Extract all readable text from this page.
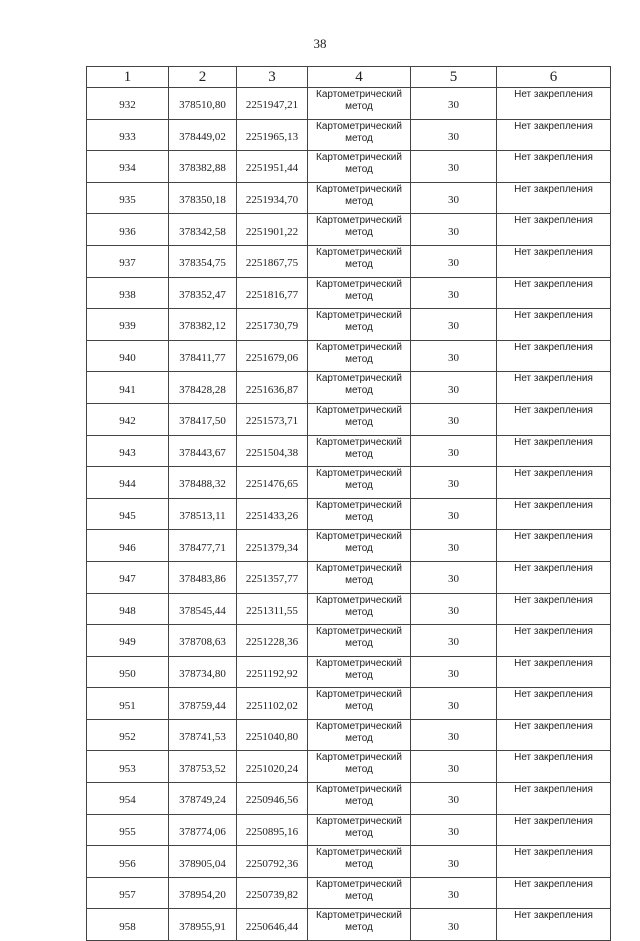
38
1	2	3	4	5	6
932	378510,80	2251947,21	Картометрический метод	30	Нет закрепления
933	378449,02	2251965,13	Картометрический метод	30	Нет закрепления
934	378382,88	2251951,44	Картометрический метод	30	Нет закрепления
935	378350,18	2251934,70	Картометрический метод	30	Нет закрепления
936	378342,58	2251901,22	Картометрический метод	30	Нет закрепления
937	378354,75	2251867,75	Картометрический метод	30	Нет закрепления
938	378352,47	2251816,77	Картометрический метод	30	Нет закрепления
939	378382,12	2251730,79	Картометрический метод	30	Нет закрепления
940	378411,77	2251679,06	Картометрический метод	30	Нет закрепления
941	378428,28	2251636,87	Картометрический метод	30	Нет закрепления
942	378417,50	2251573,71	Картометрический метод	30	Нет закрепления
943	378443,67	2251504,38	Картометрический метод	30	Нет закрепления
944	378488,32	2251476,65	Картометрический метод	30	Нет закрепления
945	378513,11	2251433,26	Картометрический метод	30	Нет закрепления
946	378477,71	2251379,34	Картометрический метод	30	Нет закрепления
947	378483,86	2251357,77	Картометрический метод	30	Нет закрепления
948	378545,44	2251311,55	Картометрический метод	30	Нет закрепления
949	378708,63	2251228,36	Картометрический метод	30	Нет закрепления
950	378734,80	2251192,92	Картометрический метод	30	Нет закрепления
951	378759,44	2251102,02	Картометрический метод	30	Нет закрепления
952	378741,53	2251040,80	Картометрический метод	30	Нет закрепления
953	378753,52	2251020,24	Картометрический метод	30	Нет закрепления
954	378749,24	2250946,56	Картометрический метод	30	Нет закрепления
955	378774,06	2250895,16	Картометрический метод	30	Нет закрепления
956	378905,04	2250792,36	Картометрический метод	30	Нет закрепления
957	378954,20	2250739,82	Картометрический метод	30	Нет закрепления
958	378955,91	2250646,44	Картометрический метод	30	Нет закрепления
